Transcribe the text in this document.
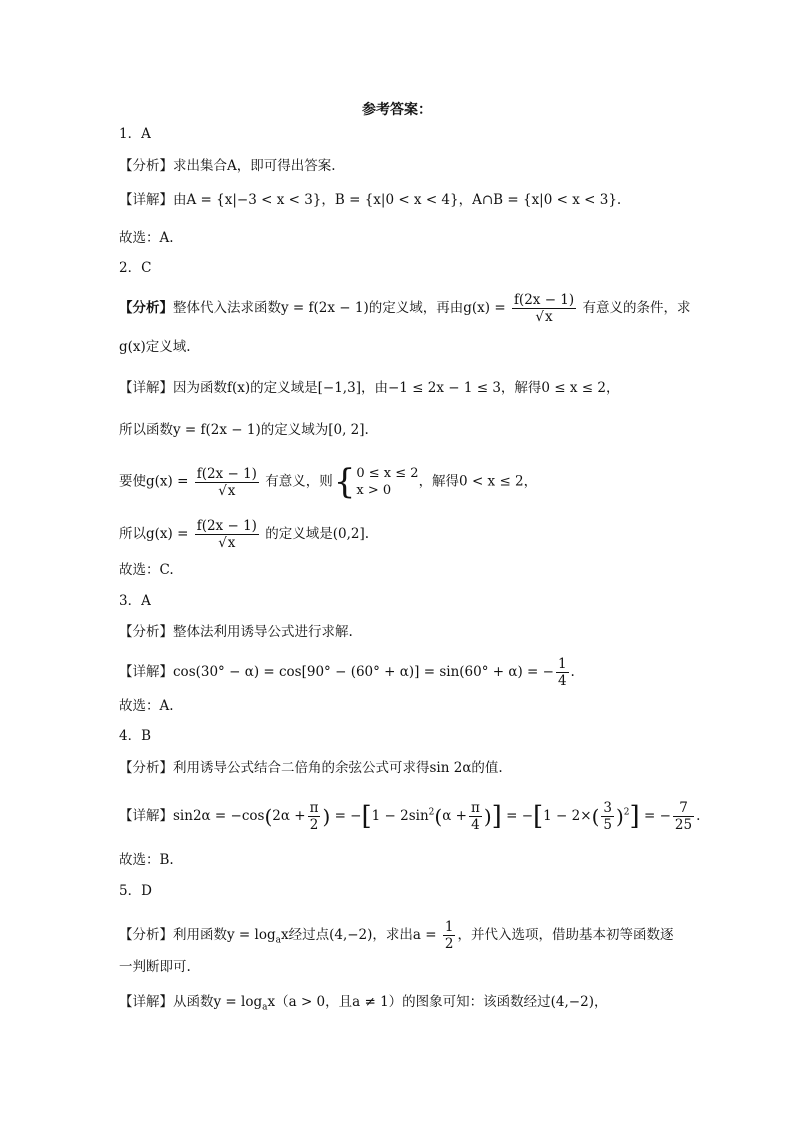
参考答案：
1．A
【分析】求出集合A，即可得出答案.
【详解】由A = {x|−3 < x < 3}，B = {x|0 < x < 4}，A∩B = {x|0 < x < 3}.
故选：A.
2．C
【分析】整体代入法求函数y = f(2x − 1)的定义域，再由$g(x) = \frac{f(2x - 1)}{√x}$ 有意义的条件，求
g(x)定义域.
【详解】因为函数f(x)的定义域是[−1,3]，由−1 ≤ 2x − 1 ≤ 3，解得0 ≤ x ≤ 2，
所以函数y = f(2x − 1)的定义域为[0, 2].
要使$g(x) = \frac{f(2x - 1)}{√x}$ 有意义，则{ 0 ≤ x ≤ 2
x > 0
，解得0 < x ≤ 2，
所以$g(x) = \frac{f(2x - 1)}{√x}$ 的定义域是(0,2].
故选：C.
3．A
【分析】整体法利用诱导公式进行求解.
【详解】cos(30° − α) = cos[90° − (60° + α)] = sin(60° + α) = − $\frac{1}{4}$ .
故选：A.
4．B
【分析】利用诱导公式结合二倍角的余弦公式可求得sin 2α的值.
【详解】$\sin 2\alpha = -\cos(2\alpha + \frac{\pi}{2}$ ) = $-[1 - 2\sin^2(\alpha + \frac{\pi}{4}$ )] = $-[1 - 2\times( \frac{3}{5} )^2]$ = − $\frac{7}{25}$ .
故选：B.
5．D
【分析】利用函数$y = \log_ax$经过点(4,−2)，求出$a = \frac{1}{2}$ ，并代入选项，借助基本初等函数逐
一判断即可.
【详解】从函数$y = \log_ax(a > 0$，且a ≠ 1）的图象可知：该函数经过(4,−2)，
